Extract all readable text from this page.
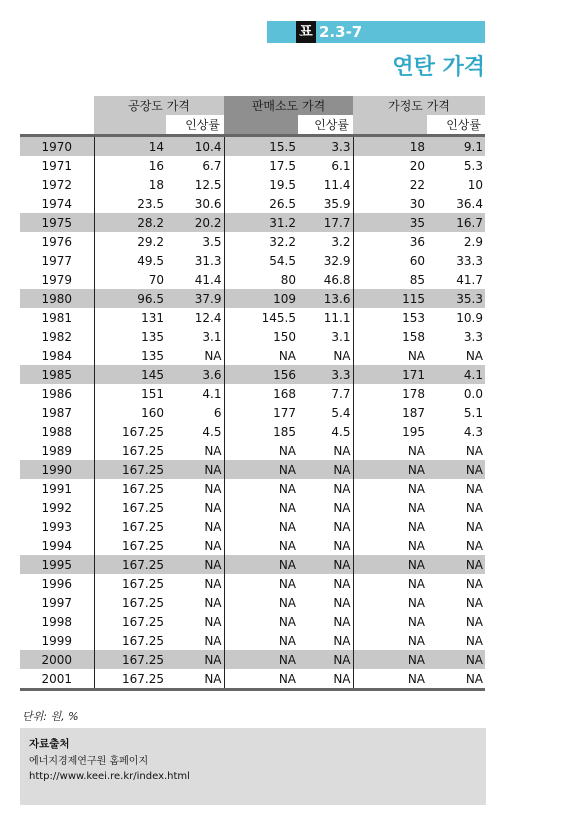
표 2.3-7
연탄 가격
	공장도 가격		판매소도 가격		가정도 가격	
		인상률		인상률		인상률
1970	14	10.4	15.5	3.3	18	9.1
1971	16	6.7	17.5	6.1	20	5.3
1972	18	12.5	19.5	11.4	22	10
1974	23.5	30.6	26.5	35.9	30	36.4
1975	28.2	20.2	31.2	17.7	35	16.7
1976	29.2	3.5	32.2	3.2	36	2.9
1977	49.5	31.3	54.5	32.9	60	33.3
1979	70	41.4	80	46.8	85	41.7
1980	96.5	37.9	109	13.6	115	35.3
1981	131	12.4	145.5	11.1	153	10.9
1982	135	3.1	150	3.1	158	3.3
1984	135	NA	NA	NA	NA	NA
1985	145	3.6	156	3.3	171	4.1
1986	151	4.1	168	7.7	178	0.0
1987	160	6	177	5.4	187	5.1
1988	167.25	4.5	185	4.5	195	4.3
1989	167.25	NA	NA	NA	NA	NA
1990	167.25	NA	NA	NA	NA	NA
1991	167.25	NA	NA	NA	NA	NA
1992	167.25	NA	NA	NA	NA	NA
1993	167.25	NA	NA	NA	NA	NA
1994	167.25	NA	NA	NA	NA	NA
1995	167.25	NA	NA	NA	NA	NA
1996	167.25	NA	NA	NA	NA	NA
1997	167.25	NA	NA	NA	NA	NA
1998	167.25	NA	NA	NA	NA	NA
1999	167.25	NA	NA	NA	NA	NA
2000	167.25	NA	NA	NA	NA	NA
2001	167.25	NA	NA	NA	NA	NA
단위: 원, %
자료출처
에너지경제연구원 홈페이지
http://www.keei.re.kr/index.html
